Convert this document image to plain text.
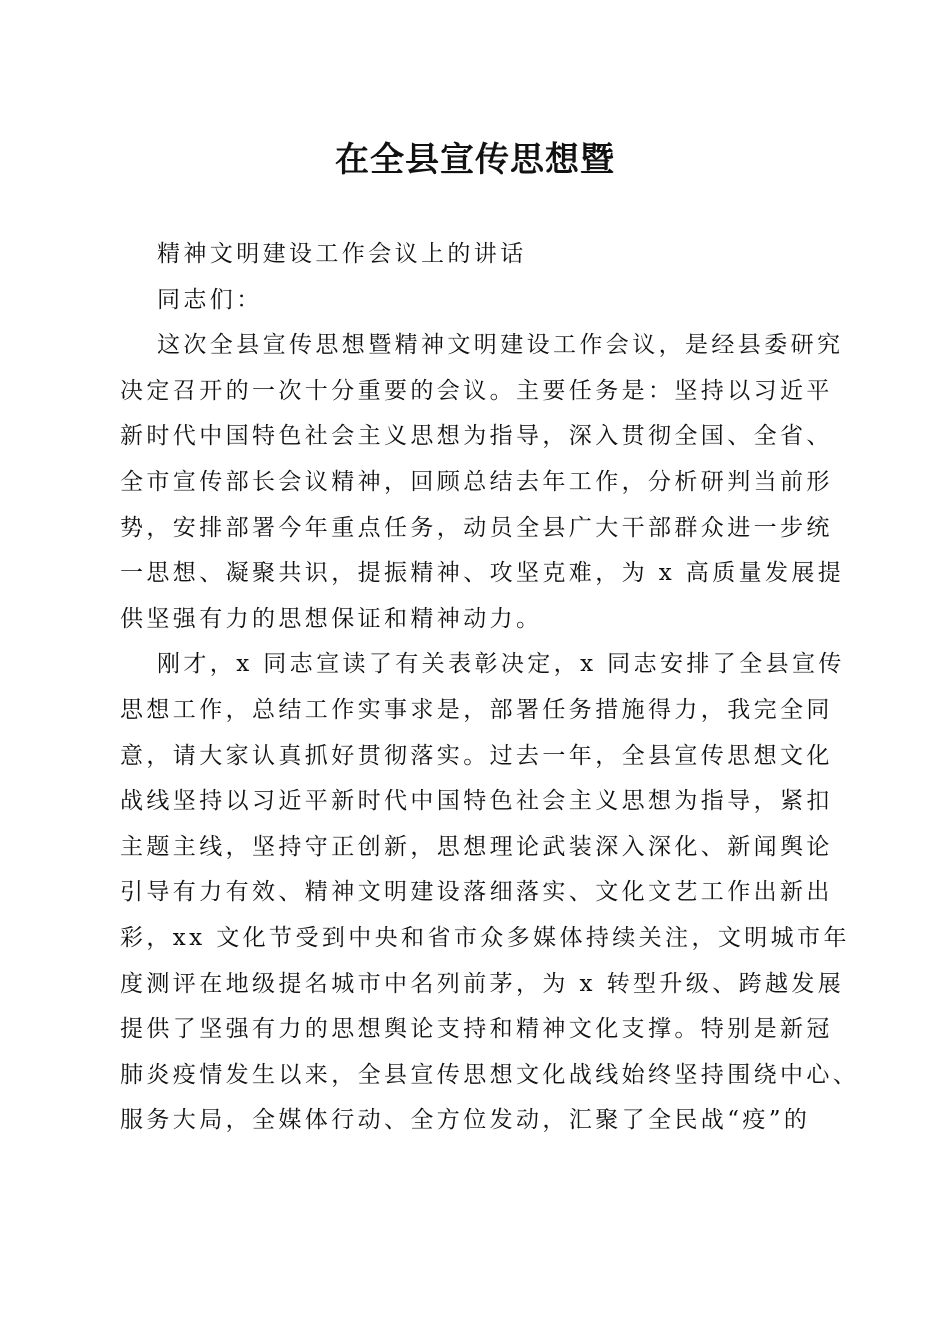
在全县宣传思想暨
精神文明建设工作会议上的讲话
同志们：
这次全县宣传思想暨精神文明建设工作会议，是经县委研究
决定召开的一次十分重要的会议。主要任务是：坚持以习近平
新时代中国特色社会主义思想为指导，深入贯彻全国、全省、
全市宣传部长会议精神，回顾总结去年工作，分析研判当前形
势，安排部署今年重点任务，动员全县广大干部群众进一步统
一思想、凝聚共识，提振精神、攻坚克难，为 x 高质量发展提
供坚强有力的思想保证和精神动力。
刚才，x 同志宣读了有关表彰决定，x 同志安排了全县宣传
思想工作，总结工作实事求是，部署任务措施得力，我完全同
意，请大家认真抓好贯彻落实。过去一年，全县宣传思想文化
战线坚持以习近平新时代中国特色社会主义思想为指导，紧扣
主题主线，坚持守正创新，思想理论武装深入深化、新闻舆论
引导有力有效、精神文明建设落细落实、文化文艺工作出新出
彩，xx 文化节受到中央和省市众多媒体持续关注，文明城市年
度测评在地级提名城市中名列前茅，为 x 转型升级、跨越发展
提供了坚强有力的思想舆论支持和精神文化支撑。特别是新冠
肺炎疫情发生以来，全县宣传思想文化战线始终坚持围绕中心、
服务大局，全媒体行动、全方位发动，汇聚了全民战“疫”的
